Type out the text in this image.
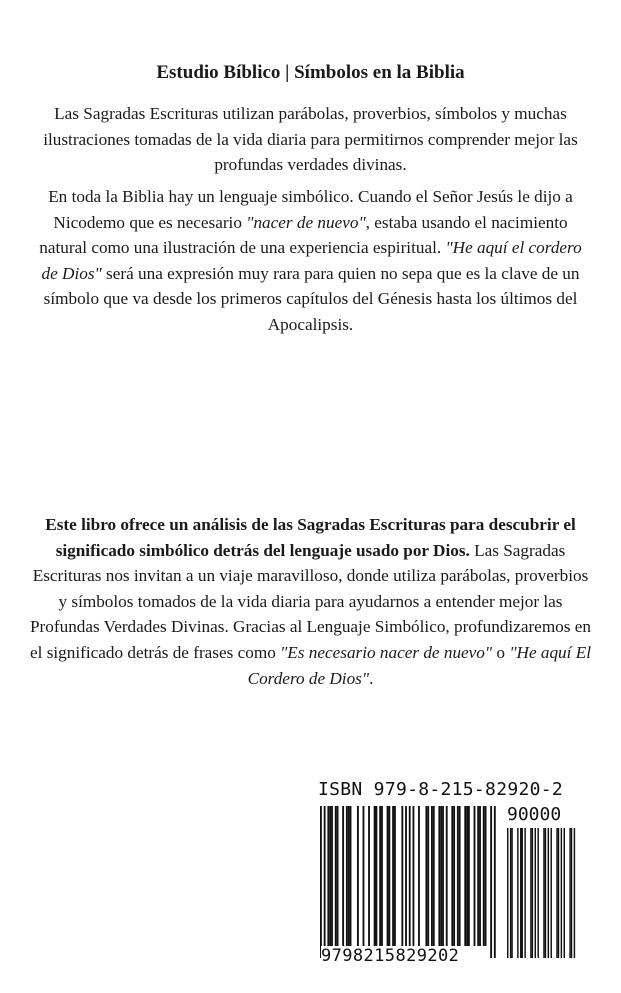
Estudio Bíblico | Símbolos en la Biblia

Las Sagradas Escrituras utilizan parábolas, proverbios, símbolos y muchas ilustraciones tomadas de la vida diaria para permitirnos comprender mejor las profundas verdades divinas.

En toda la Biblia hay un lenguaje simbólico. Cuando el Señor Jesús le dijo a Nicodemo que es necesario "nacer de nuevo", estaba usando el nacimiento natural como una ilustración de una experiencia espiritual. "He aquí el cordero de Dios" será una expresión muy rara para quien no sepa que es la clave de un símbolo que va desde los primeros capítulos del Génesis hasta los últimos del Apocalipsis.

Este libro ofrece un análisis de las Sagradas Escrituras para descubrir el significado simbólico detrás del lenguaje usado por Dios. Las Sagradas Escrituras nos invitan a un viaje maravilloso, donde utiliza parábolas, proverbios y símbolos tomados de la vida diaria para ayudarnos a entender mejor las Profundas Verdades Divinas. Gracias al Lenguaje Simbólico, profundizaremos en el significado detrás de frases como "Es necesario nacer de nuevo" o "He aquí El Cordero de Dios".

ISBN 979-8-215-82920-2
90000
9798215829202
